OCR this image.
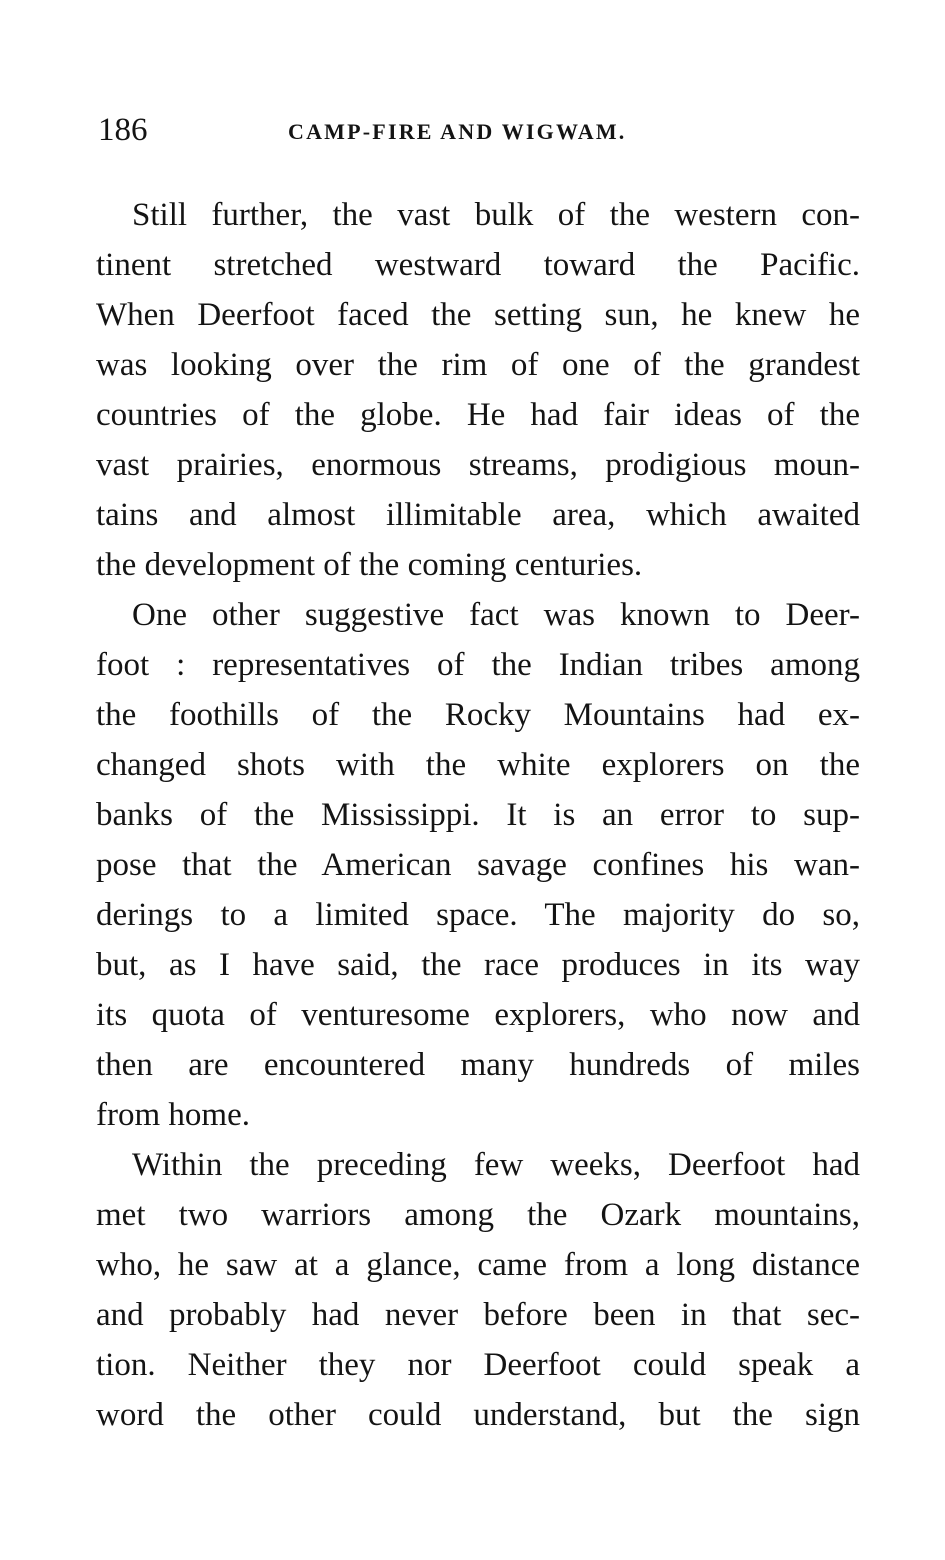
186	CAMP-FIRE AND WIGWAM.
Still further, the vast bulk of the western con-
tinent stretched westward toward the Pacific.
When Deerfoot faced the setting sun, he knew he
was looking over the rim of one of the grandest
countries of the globe. He had fair ideas of the
vast prairies, enormous streams, prodigious moun-
tains and almost illimitable area, which awaited
the development of the coming centuries.
One other suggestive fact was known to Deer-
foot : representatives of the Indian tribes among
the foothills of the Rocky Mountains had ex-
changed shots with the white explorers on the
banks of the Mississippi. It is an error to sup-
pose that the American savage confines his wan-
derings to a limited space. The majority do so,
but, as I have said, the race produces in its way
its quota of venturesome explorers, who now and
then are encountered many hundreds of miles
from home.
Within the preceding few weeks, Deerfoot had
met two warriors among the Ozark mountains,
who, he saw at a glance, came from a long distance
and probably had never before been in that sec-
tion. Neither they nor Deerfoot could speak a
word the other could understand, but the sign
